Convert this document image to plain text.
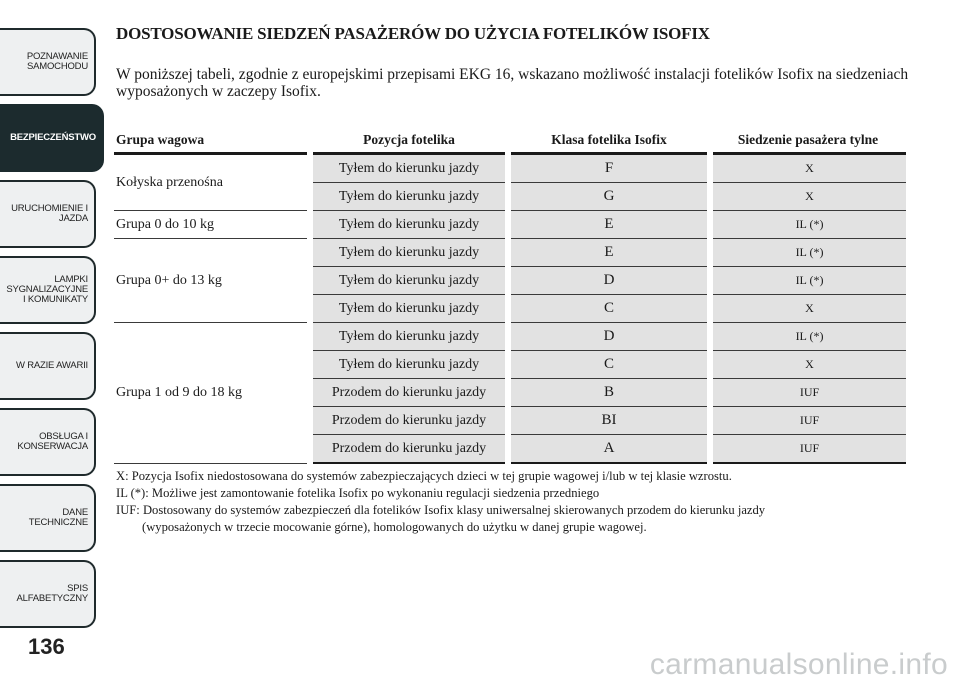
POZNAWANIE
SAMOCHODU
BEZPIECZEŃSTWO
URUCHOMIENIE I
JAZDA
LAMPKI
SYGNALIZACYJNE
I KOMUNIKATY
W RAZIE AWARII
OBSŁUGA I
KONSERWACJA
DANE
TECHNICZNE
SPIS
ALFABETYCZNY
136
carmanualsonline.info
DOSTOSOWANIE SIEDZEŃ PASAŻERÓW DO UŻYCIA FOTELIKÓW ISOFIX
W poniższej tabeli, zgodnie z europejskimi przepisami EKG 16, wskazano możliwość instalacji fotelików Isofix na siedzeniach wyposażonych w zaczepy Isofix.
Grupa wagowa	Pozycja fotelika	Klasa fotelika Isofix	Siedzenie pasażera tylne
Kołyska przenośna	Tyłem do kierunku jazdy	F	X
	Tyłem do kierunku jazdy	G	X
Grupa 0 do 10 kg	Tyłem do kierunku jazdy	E	IL (*)
Grupa 0+ do 13 kg	Tyłem do kierunku jazdy	E	IL (*)
	Tyłem do kierunku jazdy	D	IL (*)
	Tyłem do kierunku jazdy	C	X
Grupa 1 od 9 do 18 kg	Tyłem do kierunku jazdy	D	IL (*)
	Tyłem do kierunku jazdy	C	X
	Przodem do kierunku jazdy	B	IUF
	Przodem do kierunku jazdy	BI	IUF
	Przodem do kierunku jazdy	A	IUF

X: Pozycja Isofix niedostosowana do systemów zabezpieczających dzieci w tej grupie wagowej i/lub w tej klasie wzrostu.

IL (*): Możliwe jest zamontowanie fotelika Isofix po wykonaniu regulacji siedzenia przedniego

IUF: Dostosowany do systemów zabezpieczeń dla fotelików Isofix klasy uniwersalnej skierowanych przodem do kierunku jazdy

(wyposażonych w trzecie mocowanie górne), homologowanych do użytku w danej grupie wagowej.
